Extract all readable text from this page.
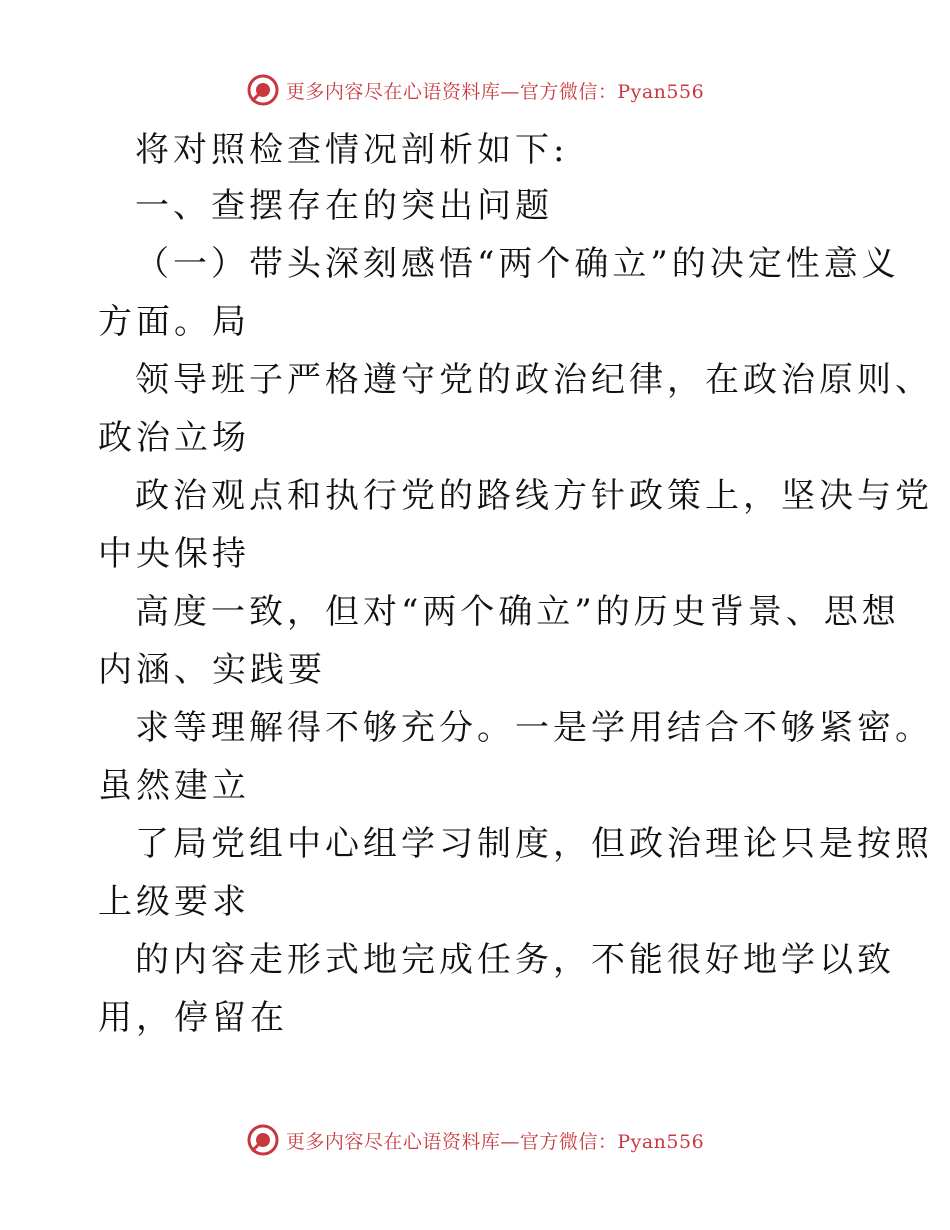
更多内容尽在心语资料库—官方微信：Pyan556
将对照检查情况剖析如下:
一、查摆存在的突出问题
（一）带头深刻感悟“两个确立”的决定性意义
方面。局
领导班子严格遵守党的政治纪律，在政治原则、
政治立场
政治观点和执行党的路线方针政策上，坚决与党
中央保持
高度一致，但对“两个确立”的历史背景、思想
内涵、实践要
求等理解得不够充分。一是学用结合不够紧密。
虽然建立
了局党组中心组学习制度，但政治理论只是按照
上级要求
的内容走形式地完成任务，不能很好地学以致
用，停留在
更多内容尽在心语资料库—官方微信：Pyan556
